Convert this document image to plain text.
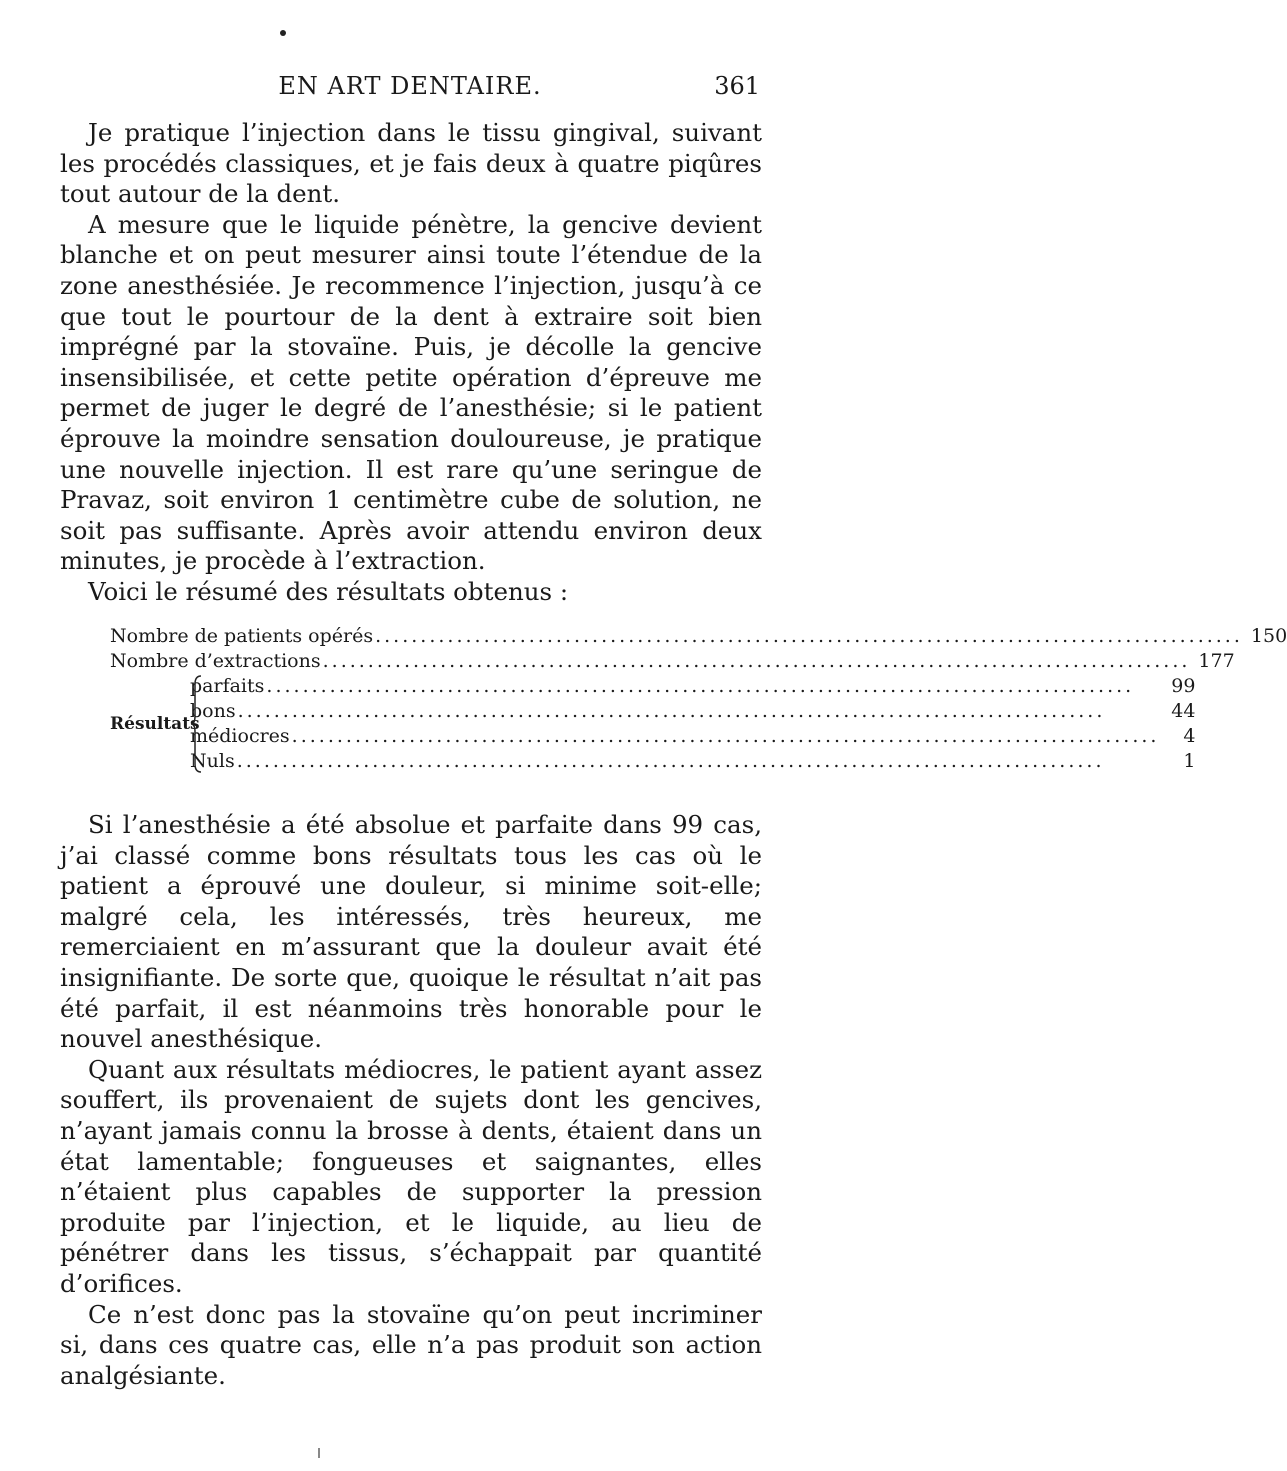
EN ART DENTAIRE.	361

Je pratique l’injection dans le tissu gingival, suivant les procédés classiques, et je fais deux à quatre piqûres tout autour de la dent.

A mesure que le liquide pénètre, la gencive devient blanche et on peut mesurer ainsi toute l’étendue de la zone anesthésiée. Je recommence l’injection, jusqu’à ce que tout le pourtour de la dent à extraire soit bien imprégné par la stovaïne. Puis, je décolle la gencive insensibilisée, et cette petite opération d’épreuve me permet de juger le degré de l’anesthésie; si le patient éprouve la moindre sensation douloureuse, je pratique une nouvelle injection. Il est rare qu’une seringue de Pravaz, soit environ 1 centimètre cube de solution, ne soit pas suffisante. Après avoir attendu environ deux minutes, je procède à l’extraction.

Voici le résumé des résultats obtenus :

Nombre de patients opérés .....	150
Nombre d’extractions .....	177
Résultats
parfaits .....	99
bons .....	44
médiocres .....	4
Nuls .....	1

Si l’anesthésie a été absolue et parfaite dans 99 cas, j’ai classé comme bons résultats tous les cas où le patient a éprouvé une douleur, si minime soit-elle; malgré cela, les intéressés, très heureux, me remerciaient en m’assurant que la douleur avait été insignifiante. De sorte que, quoique le résultat n’ait pas été parfait, il est néanmoins très honorable pour le nouvel anesthésique.

Quant aux résultats médiocres, le patient ayant assez souffert, ils provenaient de sujets dont les gencives, n’ayant jamais connu la brosse à dents, étaient dans un état lamentable; fongueuses et saignantes, elles n’étaient plus capables de supporter la pression produite par l’injection, et le liquide, au lieu de pénétrer dans les tissus, s’échappait par quantité d’orifices.

Ce n’est donc pas la stovaïne qu’on peut incriminer si, dans ces quatre cas, elle n’a pas produit son action analgésiante.
